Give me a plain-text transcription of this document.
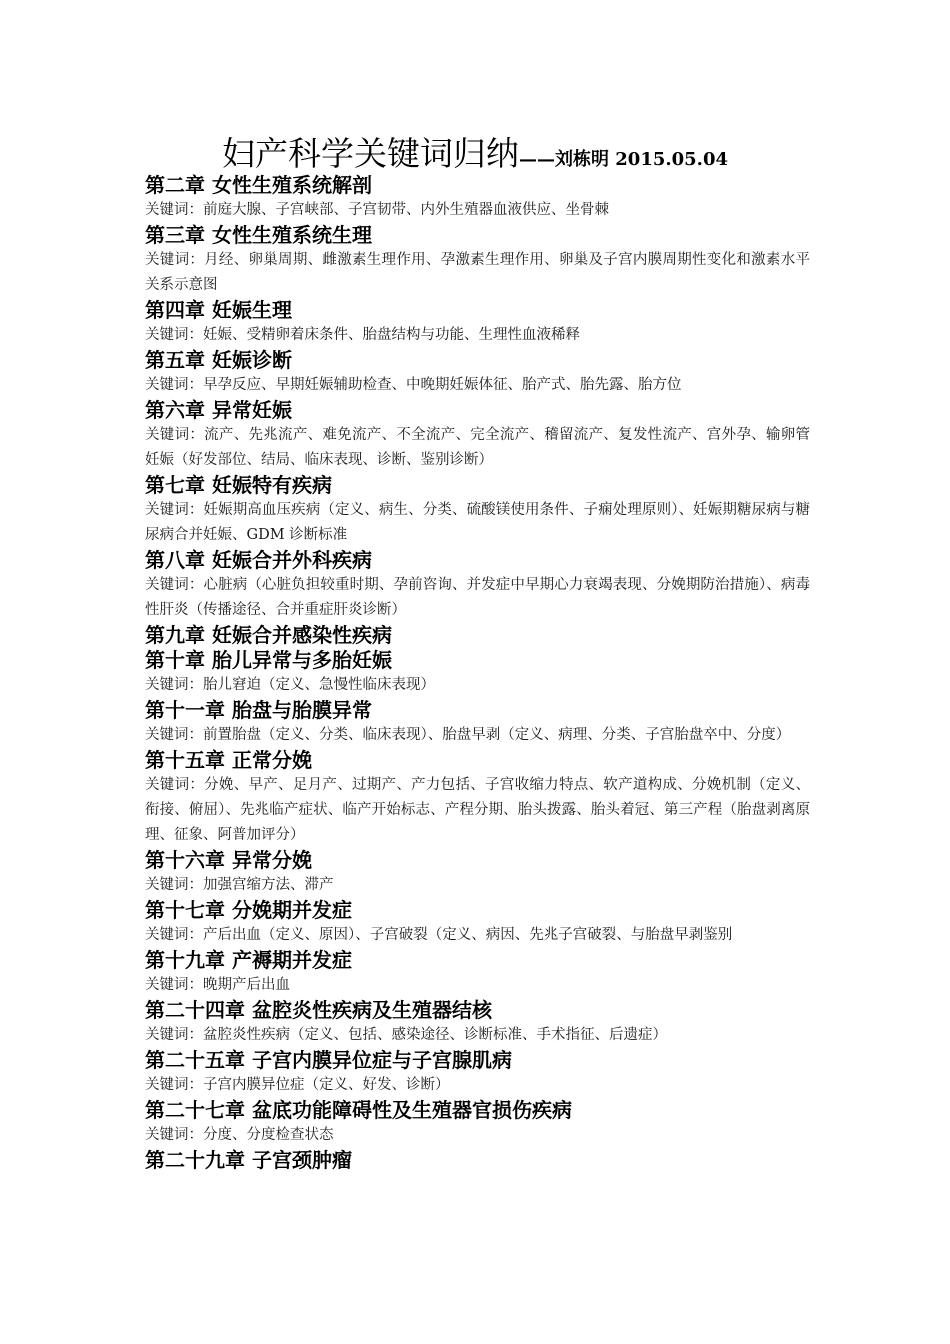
妇产科学关键词归纳——刘栋明 2015.05.04
第二章 女性生殖系统解剖
关键词：前庭大腺、子宫峡部、子宫韧带、内外生殖器血液供应、坐骨棘
第三章 女性生殖系统生理
关键词：月经、卵巢周期、雌激素生理作用、孕激素生理作用、卵巢及子宫内膜周期性变化和激素水平关系示意图
第四章 妊娠生理
关键词：妊娠、受精卵着床条件、胎盘结构与功能、生理性血液稀释
第五章 妊娠诊断
关键词：早孕反应、早期妊娠辅助检查、中晚期妊娠体征、胎产式、胎先露、胎方位
第六章 异常妊娠
关键词：流产、先兆流产、难免流产、不全流产、完全流产、稽留流产、复发性流产、宫外孕、输卵管妊娠（好发部位、结局、临床表现、诊断、鉴别诊断）
第七章 妊娠特有疾病
关键词：妊娠期高血压疾病（定义、病生、分类、硫酸镁使用条件、子痫处理原则）、妊娠期糖尿病与糖尿病合并妊娠、GDM 诊断标准
第八章 妊娠合并外科疾病
关键词：心脏病（心脏负担较重时期、孕前咨询、并发症中早期心力衰竭表现、分娩期防治措施）、病毒性肝炎（传播途径、合并重症肝炎诊断）
第九章 妊娠合并感染性疾病
第十章 胎儿异常与多胎妊娠
关键词：胎儿窘迫（定义、急慢性临床表现）
第十一章 胎盘与胎膜异常
关键词：前置胎盘（定义、分类、临床表现）、胎盘早剥（定义、病理、分类、子宫胎盘卒中、分度）
第十五章 正常分娩
关键词：分娩、早产、足月产、过期产、产力包括、子宫收缩力特点、软产道构成、分娩机制（定义、衔接、俯屈）、先兆临产症状、临产开始标志、产程分期、胎头拨露、胎头着冠、第三产程（胎盘剥离原理、征象、阿普加评分）
第十六章 异常分娩
关键词：加强宫缩方法、滞产
第十七章 分娩期并发症
关键词：产后出血（定义、原因）、子宫破裂（定义、病因、先兆子宫破裂、与胎盘早剥鉴别
第十九章 产褥期并发症
关键词：晚期产后出血
第二十四章 盆腔炎性疾病及生殖器结核
关键词：盆腔炎性疾病（定义、包括、感染途径、诊断标准、手术指征、后遗症）
第二十五章 子宫内膜异位症与子宫腺肌病
关键词：子宫内膜异位症（定义、好发、诊断）
第二十七章 盆底功能障碍性及生殖器官损伤疾病
关键词：分度、分度检查状态
第二十九章 子宫颈肿瘤
